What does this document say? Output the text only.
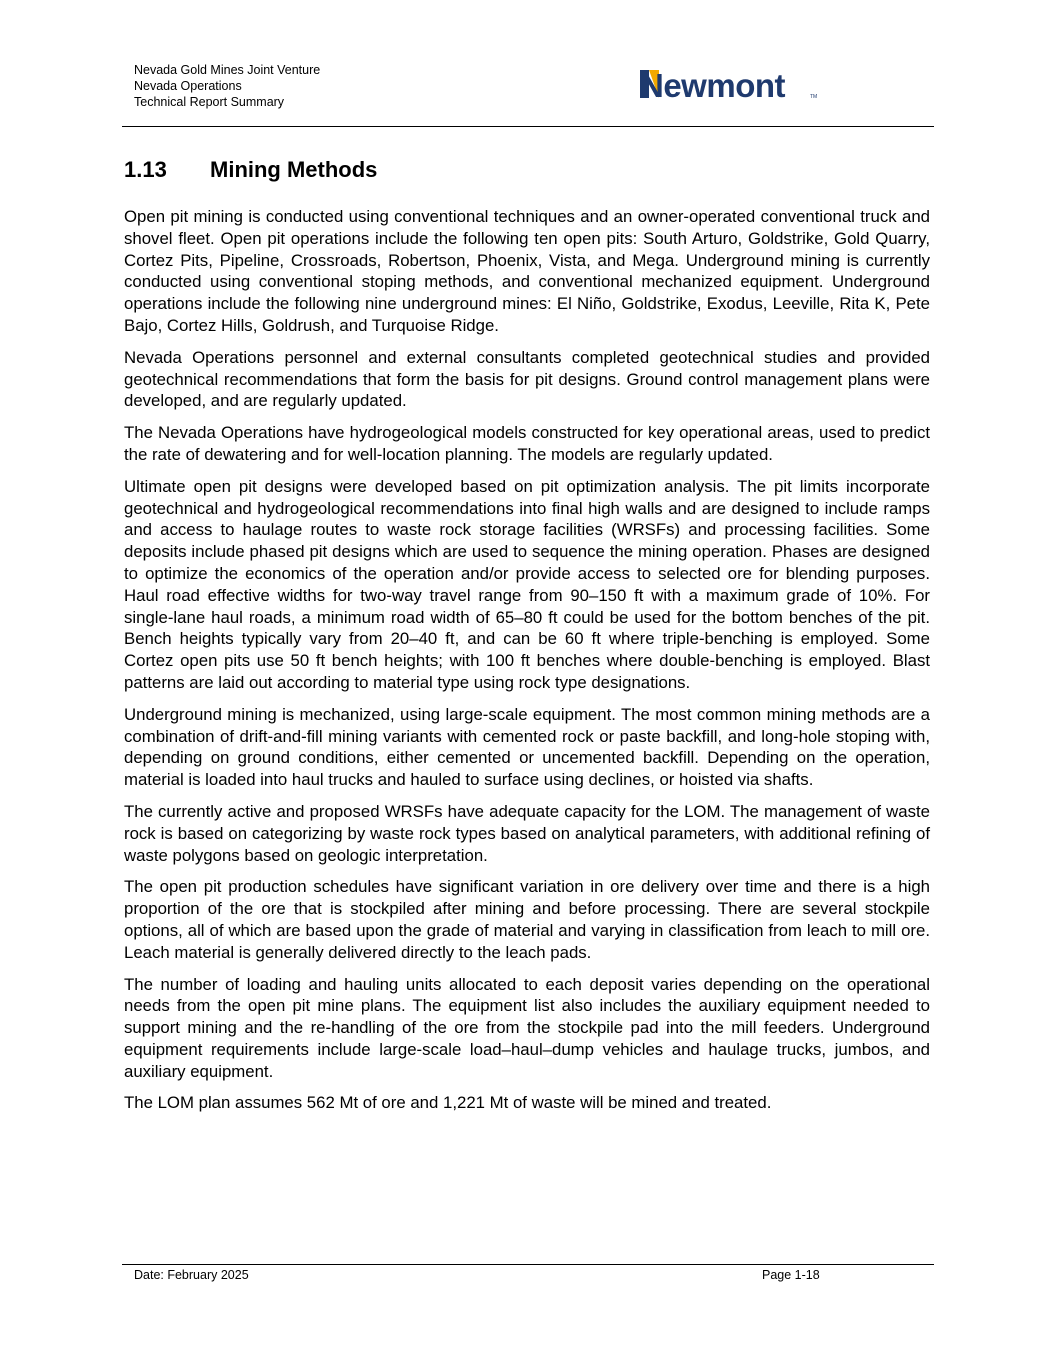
Nevada Gold Mines Joint Venture
Nevada Operations
Technical Report Summary	Newmont	TM
1.13 Mining Methods

Open pit mining is conducted using conventional techniques and an owner-operated conventional truck and shovel fleet. Open pit operations include the following ten open pits: South Arturo, Goldstrike, Gold Quarry, Cortez Pits, Pipeline, Crossroads, Robertson, Phoenix, Vista, and Mega. Underground mining is currently conducted using conventional stoping methods, and conventional mechanized equipment. Underground operations include the following nine underground mines: El Niño, Goldstrike, Exodus, Leeville, Rita K, Pete Bajo, Cortez Hills, Goldrush, and Turquoise Ridge.

Nevada Operations personnel and external consultants completed geotechnical studies and provided geotechnical recommendations that form the basis for pit designs. Ground control management plans were developed, and are regularly updated.

The Nevada Operations have hydrogeological models constructed for key operational areas, used to predict the rate of dewatering and for well-location planning. The models are regularly updated.

Ultimate open pit designs were developed based on pit optimization analysis. The pit limits incorporate geotechnical and hydrogeological recommendations into final high walls and are designed to include ramps and access to haulage routes to waste rock storage facilities (WRSFs) and processing facilities. Some deposits include phased pit designs which are used to sequence the mining operation. Phases are designed to optimize the economics of the operation and/or provide access to selected ore for blending purposes. Haul road effective widths for two-way travel range from 90–150 ft with a maximum grade of 10%. For single-lane haul roads, a minimum road width of 65–80 ft could be used for the bottom benches of the pit. Bench heights typically vary from 20–40 ft, and can be 60 ft where triple-benching is employed. Some Cortez open pits use 50 ft bench heights; with 100 ft benches where double-benching is employed. Blast patterns are laid out according to material type using rock type designations.

Underground mining is mechanized, using large-scale equipment. The most common mining methods are a combination of drift-and-fill mining variants with cemented rock or paste backfill, and long-hole stoping with, depending on ground conditions, either cemented or uncemented backfill. Depending on the operation, material is loaded into haul trucks and hauled to surface using declines, or hoisted via shafts.

The currently active and proposed WRSFs have adequate capacity for the LOM. The management of waste rock is based on categorizing by waste rock types based on analytical parameters, with additional refining of waste polygons based on geologic interpretation.

The open pit production schedules have significant variation in ore delivery over time and there is a high proportion of the ore that is stockpiled after mining and before processing. There are several stockpile options, all of which are based upon the grade of material and varying in classification from leach to mill ore. Leach material is generally delivered directly to the leach pads.

The number of loading and hauling units allocated to each deposit varies depending on the operational needs from the open pit mine plans. The equipment list also includes the auxiliary equipment needed to support mining and the re-handling of the ore from the stockpile pad into the mill feeders. Underground equipment requirements include large-scale load–haul–dump vehicles and haulage trucks, jumbos, and auxiliary equipment.

The LOM plan assumes 562 Mt of ore and 1,221 Mt of waste will be mined and treated.

Date: February 2025	Page 1-18
